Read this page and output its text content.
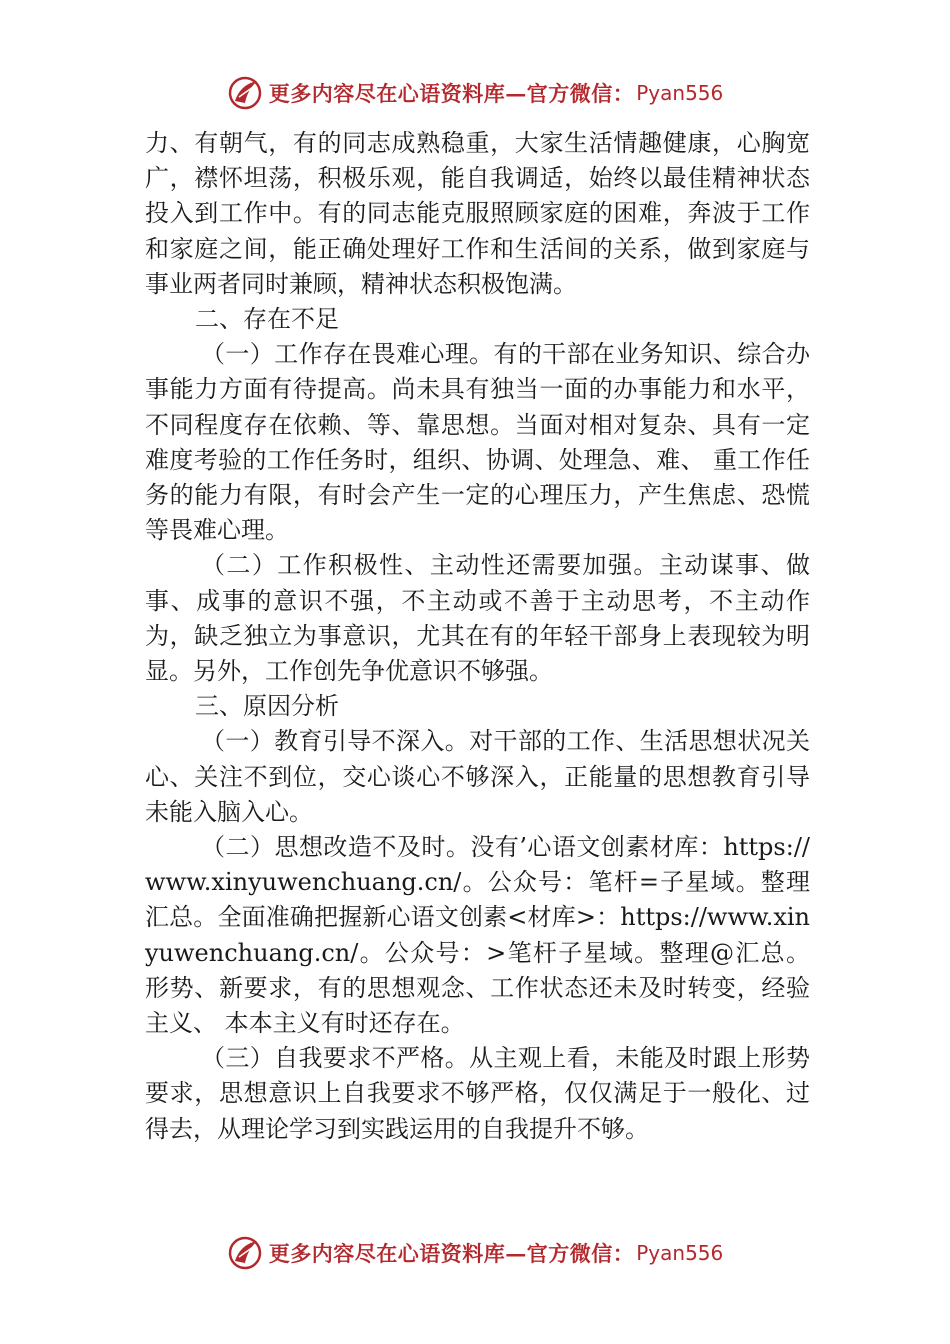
更多内容尽在心语资料库—官方微信： Pyan556

力、有朝气，有的同志成熟稳重，大家生活情趣健康，心胸宽广，襟怀坦荡，积极乐观，能自我调适，始终以最佳精神状态投入到工作中。有的同志能克服照顾家庭的困难，奔波于工作和家庭之间，能正确处理好工作和生活间的关系，做到家庭与事业两者同时兼顾，精神状态积极饱满。

二、存在不足

（一）工作存在畏难心理。有的干部在业务知识、综合办事能力方面有待提高。尚未具有独当一面的办事能力和水平，不同程度存在依赖、等、靠思想。当面对相对复杂、具有一定难度考验的工作任务时，组织、协调、处理急、难、 重工作任务的能力有限，有时会产生一定的心理压力，产生焦虑、恐慌等畏难心理。

（二）工作积极性、主动性还需要加强。主动谋事、做事、成事的意识不强，不主动或不善于主动思考，不主动作为，缺乏独立为事意识，尤其在有的年轻干部身上表现较为明显。另外，工作创先争优意识不够强。

三、原因分析

（一）教育引导不深入。对干部的工作、生活思想状况关心、关注不到位，交心谈心不够深入，正能量的思想教育引导未能入脑入心。

（二）思想改造不及时。没有’心语文创素材库：https://www.xinyuwenchuang.cn/。公众号：笔杆=子星域。整理汇总。全面准确把握新心语文创素<材库>：https://www.xinyuwenchuang.cn/。公众号：>笔杆子星域。整理@汇总。形势、新要求，有的思想观念、工作状态还未及时转变，经验主义、 本本主义有时还存在。

（三）自我要求不严格。从主观上看，未能及时跟上形势要求，思想意识上自我要求不够严格，仅仅满足于一般化、过得去，从理论学习到实践运用的自我提升不够。

更多内容尽在心语资料库—官方微信： Pyan556
